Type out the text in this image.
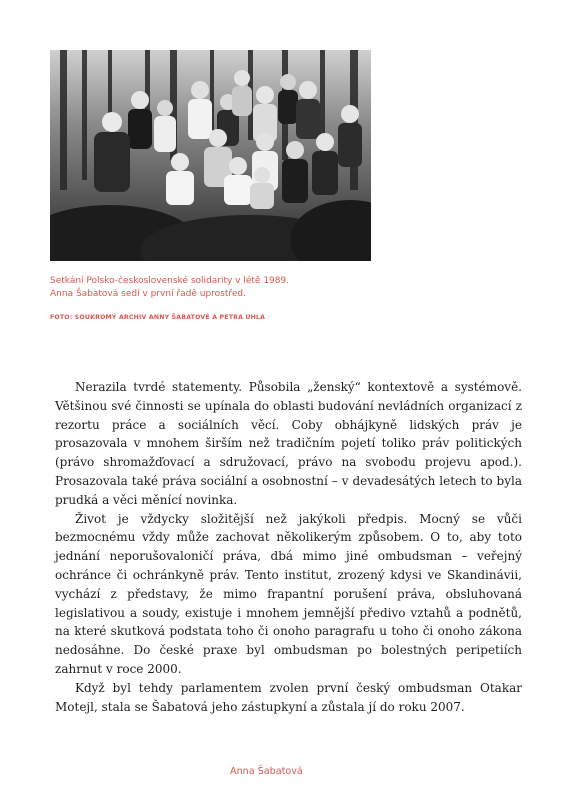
Setkání Polsko-československé solidarity v létě 1989.
Anna Šabatová sedí v první řadě uprostřed.
FOTO: SOUKROMÝ ARCHIV ANNY ŠABATOVÉ A PETRA UHLA

Nerazila tvrdé statementy. Působila „ženský“ kontextově a systémově. Většinou své činnosti se upínala do oblasti budování nevládních organizací z rezortu práce a sociálních věcí. Coby obhájkyně lidských práv je prosazovala v mnohem širším než tradičním pojetí toliko práv politických (právo shromažďovací a sdružovací, právo na svobodu projevu apod.). Prosazovala také práva sociální a osobnostní – v devadesátých letech to byla prudká a věci měnící novinka.

Život je vždycky složitější než jakýkoli předpis. Mocný se vůči bezmocnému vždy může zachovat několikerým způsobem. O to, aby toto jednání neporušovaloničí práva, dbá mimo jiné ombudsman – veřejný ochránce či ochránkyně práv. Tento institut, zrozený kdysi ve Skandinávii, vychází z představy, že mimo frapantní porušení práva, obsluhovaná legislativou a soudy, existuje i mnohem jemnější předivo vztahů a podnětů, na které skutková podstata toho či onoho paragrafu u toho či onoho zákona nedosáhne. Do české praxe byl ombudsman po bolestných peripetiích zahrnut v roce 2000.

Když byl tehdy parlamentem zvolen první český ombudsman Otakar Motejl, stala se Šabatová jeho zástupkyní a zůstala jí do roku 2007.

Anna Šabatová
